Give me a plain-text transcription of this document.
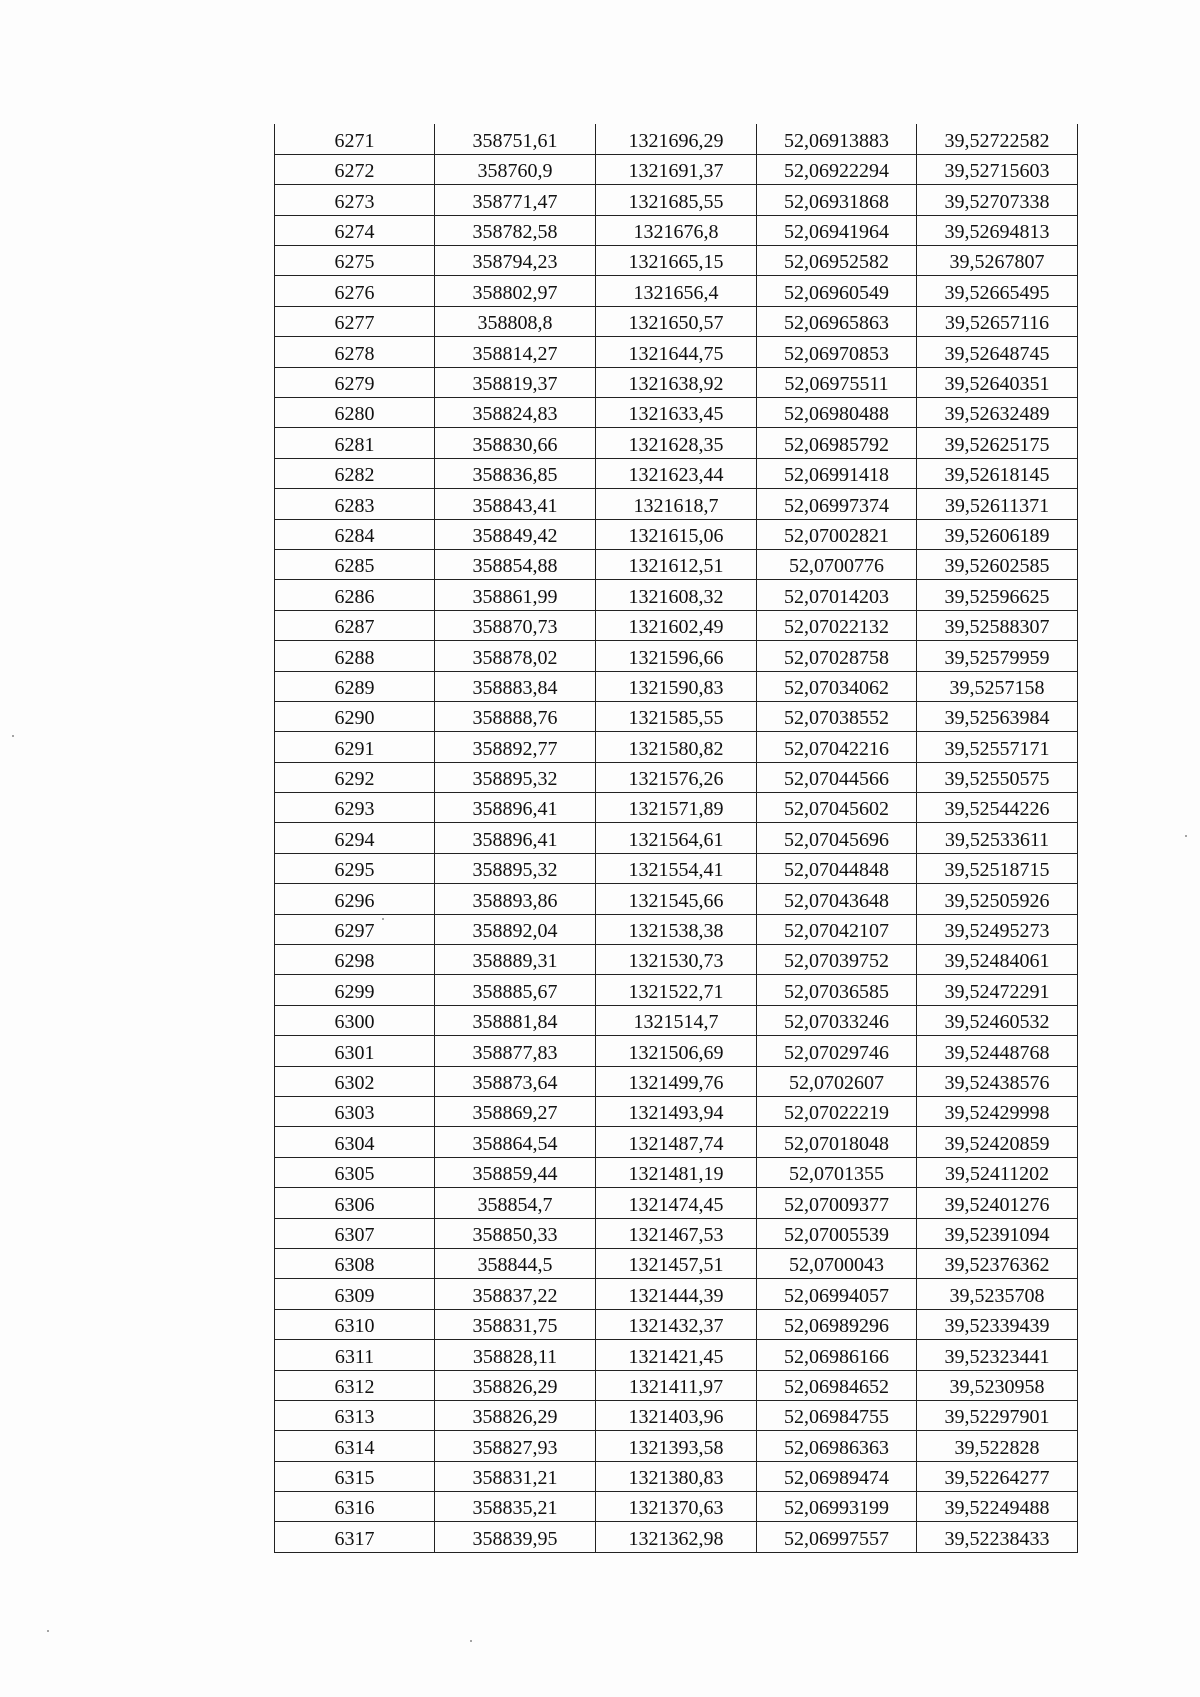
6271	358751,61	1321696,29	52,06913883	39,52722582
6272	358760,9	1321691,37	52,06922294	39,52715603
6273	358771,47	1321685,55	52,06931868	39,52707338
6274	358782,58	1321676,8	52,06941964	39,52694813
6275	358794,23	1321665,15	52,06952582	39,5267807
6276	358802,97	1321656,4	52,06960549	39,52665495
6277	358808,8	1321650,57	52,06965863	39,52657116
6278	358814,27	1321644,75	52,06970853	39,52648745
6279	358819,37	1321638,92	52,06975511	39,52640351
6280	358824,83	1321633,45	52,06980488	39,52632489
6281	358830,66	1321628,35	52,06985792	39,52625175
6282	358836,85	1321623,44	52,06991418	39,52618145
6283	358843,41	1321618,7	52,06997374	39,52611371
6284	358849,42	1321615,06	52,07002821	39,52606189
6285	358854,88	1321612,51	52,0700776	39,52602585
6286	358861,99	1321608,32	52,07014203	39,52596625
6287	358870,73	1321602,49	52,07022132	39,52588307
6288	358878,02	1321596,66	52,07028758	39,52579959
6289	358883,84	1321590,83	52,07034062	39,5257158
6290	358888,76	1321585,55	52,07038552	39,52563984
6291	358892,77	1321580,82	52,07042216	39,52557171
6292	358895,32	1321576,26	52,07044566	39,52550575
6293	358896,41	1321571,89	52,07045602	39,52544226
6294	358896,41	1321564,61	52,07045696	39,52533611
6295	358895,32	1321554,41	52,07044848	39,52518715
6296	358893,86	1321545,66	52,07043648	39,52505926
6297	358892,04	1321538,38	52,07042107	39,52495273
6298	358889,31	1321530,73	52,07039752	39,52484061
6299	358885,67	1321522,71	52,07036585	39,52472291
6300	358881,84	1321514,7	52,07033246	39,52460532
6301	358877,83	1321506,69	52,07029746	39,52448768
6302	358873,64	1321499,76	52,0702607	39,52438576
6303	358869,27	1321493,94	52,07022219	39,52429998
6304	358864,54	1321487,74	52,07018048	39,52420859
6305	358859,44	1321481,19	52,0701355	39,52411202
6306	358854,7	1321474,45	52,07009377	39,52401276
6307	358850,33	1321467,53	52,07005539	39,52391094
6308	358844,5	1321457,51	52,0700043	39,52376362
6309	358837,22	1321444,39	52,06994057	39,5235708
6310	358831,75	1321432,37	52,06989296	39,52339439
6311	358828,11	1321421,45	52,06986166	39,52323441
6312	358826,29	1321411,97	52,06984652	39,5230958
6313	358826,29	1321403,96	52,06984755	39,52297901
6314	358827,93	1321393,58	52,06986363	39,522828
6315	358831,21	1321380,83	52,06989474	39,52264277
6316	358835,21	1321370,63	52,06993199	39,52249488
6317	358839,95	1321362,98	52,06997557	39,52238433
